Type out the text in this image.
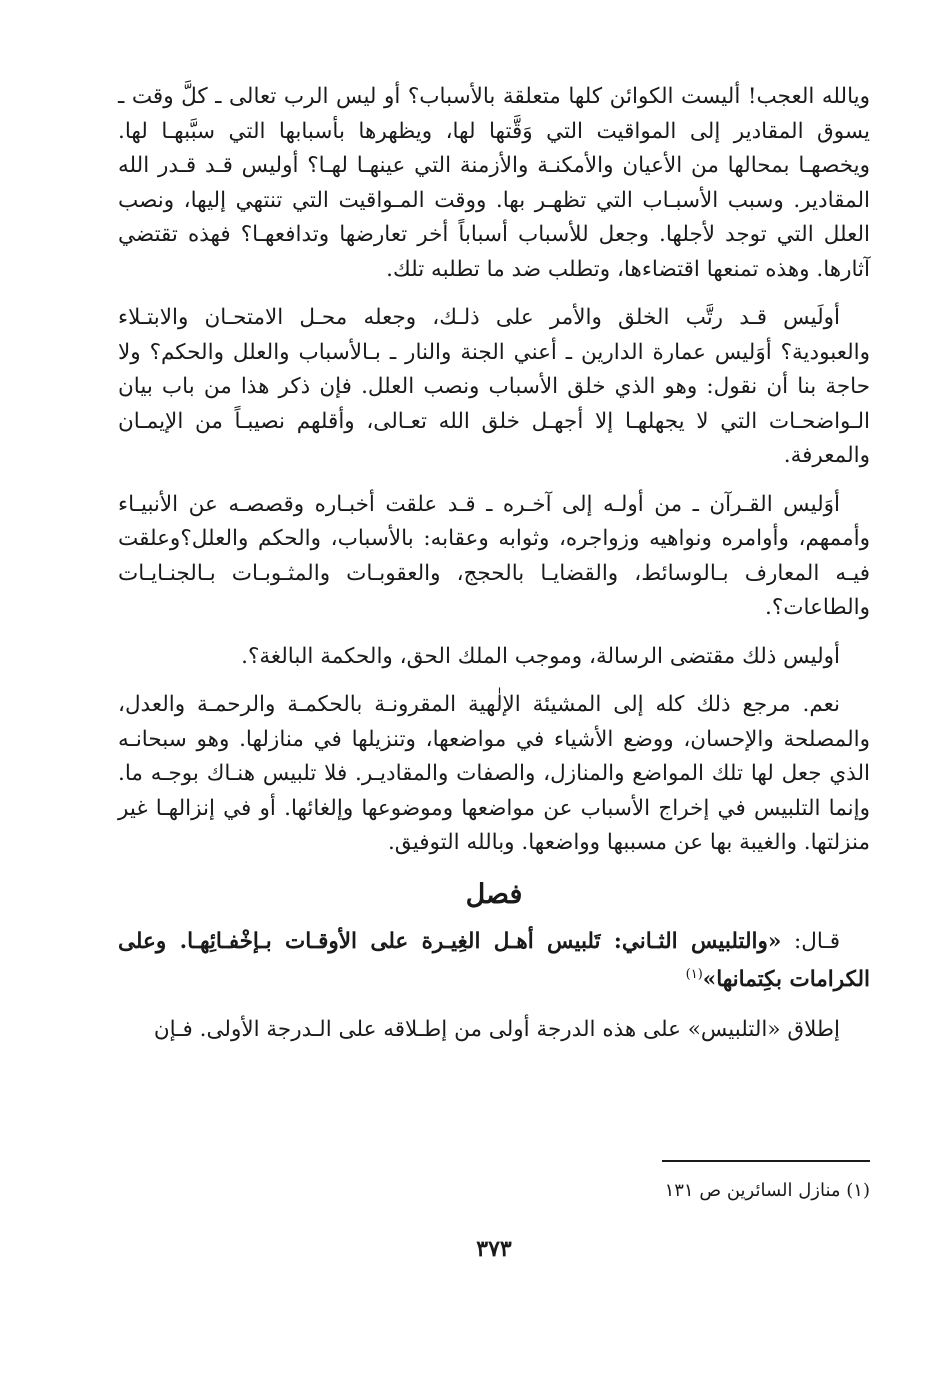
ويالله العجب! أليست الكوائن كلها متعلقة بالأسباب؟ أو ليس الرب تعالى ـ كلَّ وقت ـ يسوق المقادير إلى المواقيت التي وَقَّتها لها، ويظهرها بأسبابها التي سبَّبهـا لها. ويخصهـا بمحالها من الأعيان والأمكنـة والأزمنة التي عينهـا لهـا؟ أوليس قـد قـدر الله المقادير. وسبب الأسبـاب التي تظهـر بها. ووقت المـواقيت التي تنتهي إليها، ونصب العلل التي توجد لأجلها. وجعل للأسباب أسباباً أخر تعارضها وتدافعهـا؟ فهذه تقتضي آثارها. وهذه تمنعها اقتضاءها، وتطلب ضد ما تطلبه تلك.

أولَيس قـد رتَّب الخلق والأمر على ذلـك، وجعله محـل الامتحـان والابتـلاء والعبودية؟ أوَليس عمارة الدارين ـ أعني الجنة والنار ـ بـالأسباب والعلل والحكم؟ ولا حاجة بنا أن نقول: وهو الذي خلق الأسباب ونصب العلل. فإن ذكر هذا من باب بيان الـواضحـات التي لا يجهلهـا إلا أجهـل خلق الله تعـالى، وأقلهم نصيبـاً من الإيمـان والمعرفة.

أوَليس القـرآن ـ من أولـه إلى آخـره ـ قـد علقت أخبـاره وقصصـه عن الأنبيـاء وأممهم، وأوامره ونواهيه وزواجره، وثوابه وعقابه: بالأسباب، والحكم والعلل؟وعلقت فيـه المعارف بـالوسائط، والقضايـا بالحجج، والعقوبـات والمثـوبـات بـالجنـايـات والطاعات؟.

أوليس ذلك مقتضى الرسالة، وموجب الملك الحق، والحكمة البالغة؟.

نعم. مرجع ذلك كله إلى المشيئة الإلٰهية المقرونـة بالحكمـة والرحمـة والعدل، والمصلحة والإحسان، ووضع الأشياء في مواضعها، وتنزيلها في منازلها. وهو سبحانـه الذي جعل لها تلك المواضع والمنازل، والصفات والمقاديـر. فلا تلبيس هنـاك بوجـه ما. وإنما التلبيس في إخراج الأسباب عن مواضعها وموضوعها وإلغائها. أو في إنزالهـا غير منزلتها. والغيبة بها عن مسببها وواضعها. وبالله التوفيق.

فصل

قـال: «والتلبيس الثـاني: تَلبيس أهـل الغِيـرة على الأوقـات بـإخْفـائِهـا. وعلى الكرامات بكِتمانها»$^{(١)}$

إطلاق «التلبيس» على هذه الدرجة أولى من إطـلاقه على الـدرجة الأولى. فـإن

(١) منازل السائرين ص ١٣١
٣٧٣
